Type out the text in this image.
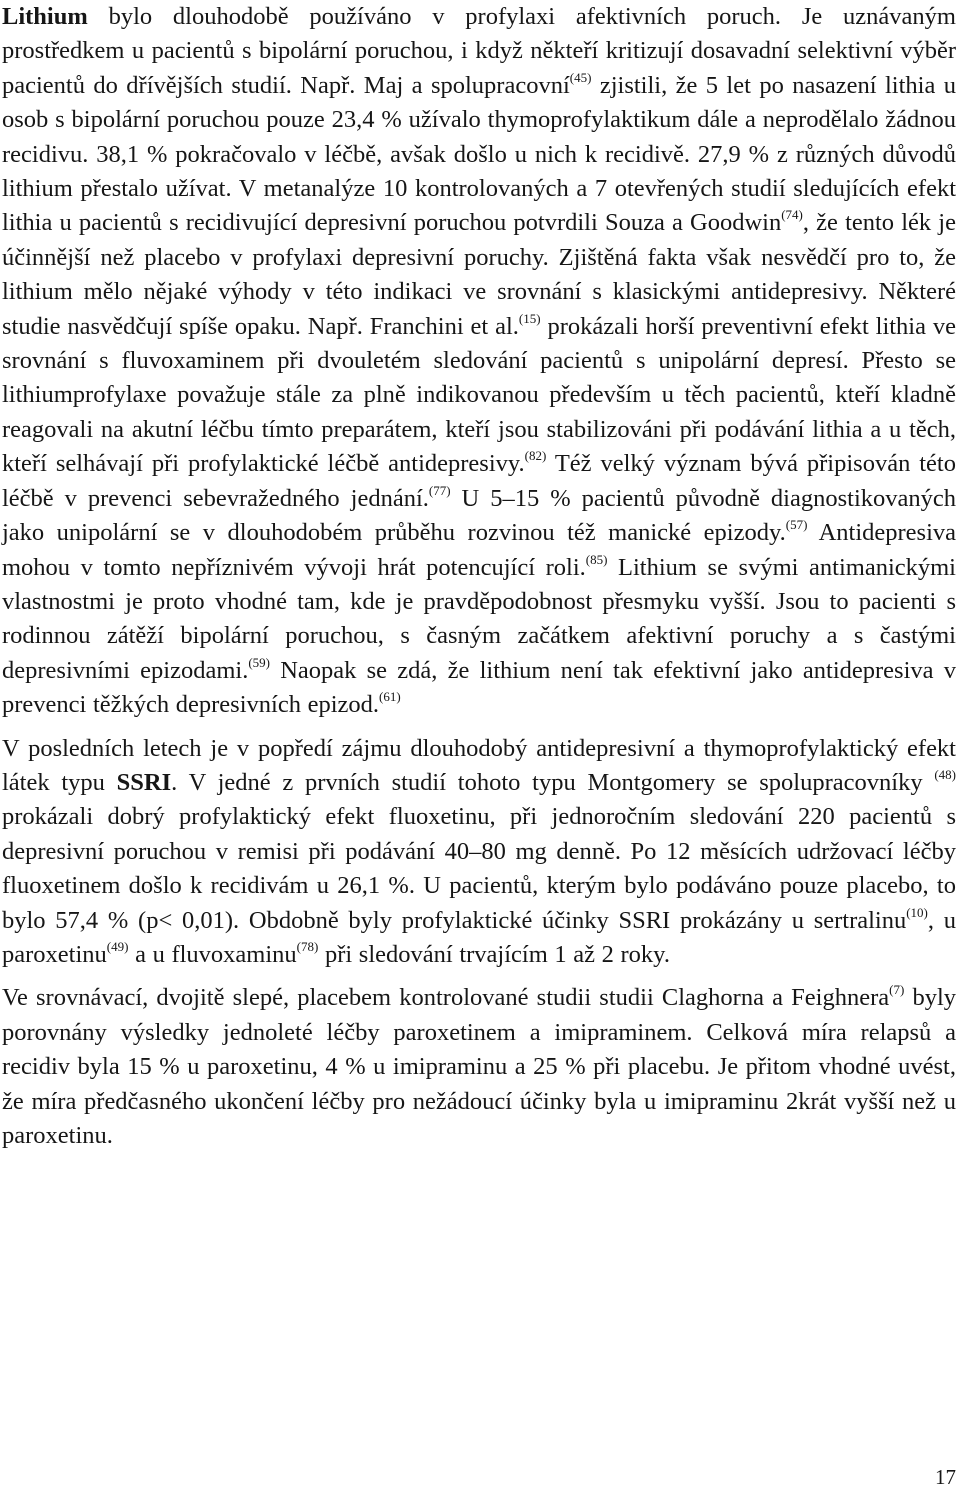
Lithium bylo dlouhodobě používáno v profylaxi afektivních poruch. Je uznávaným prostředkem u pacientů s bipolární poruchou, i když někteří kritizují dosavadní selektivní výběr pacientů do dřívějších studií. Např. Maj a spolupracovní$^{(45)}$ zjistili, že 5 let po nasazení lithia u osob s bipolární poruchou pouze 23,4 % užívalo thymoprofylaktikum dále a neprodělalo žádnou recidivu. 38,1 % pokračovalo v léčbě, avšak došlo u nich k recidivě. 27,9 % z různých důvodů lithium přestalo užívat. V metanalýze 10 kontrolovaných a 7 otevřených studií sledujících efekt lithia u pacientů s recidivující depresivní poruchou potvrdili Souza a Goodwin$^{(74)}$, že tento lék je účinnější než placebo v profylaxi depresivní poruchy. Zjištěná fakta však nesvědčí pro to, že lithium mělo nějaké výhody v této indikaci ve srovnání s klasickými antidepresivy. Některé studie nasvědčují spíše opaku. Např. Franchini et al.$^{(15)}$ prokázali horší preventivní efekt lithia ve srovnání s fluvoxaminem při dvouletém sledování pacientů s unipolární depresí. Přesto se lithiumprofylaxe považuje stále za plně indikovanou především u těch pacientů, kteří kladně reagovali na akutní léčbu tímto preparátem, kteří jsou stabilizováni při podávání lithia a u těch, kteří selhávají při profylaktické léčbě antidepresivy.$^{(82)}$ Též velký význam bývá připisován této léčbě v prevenci sebevražedného jednání.$^{(77)}$ U 5–15 % pacientů původně diagnostikovaných jako unipolární se v dlouhodobém průběhu rozvinou též manické epizody.$^{(57)}$ Antidepresiva mohou v tomto nepříznivém vývoji hrát potencující roli.$^{(85)}$ Lithium se svými antimanickými vlastnostmi je proto vhodné tam, kde je pravděpodobnost přesmyku vyšší. Jsou to pacienti s rodinnou zátěží bipolární poruchou, s časným začátkem afektivní poruchy a s častými depresivními epizodami.$^{(59)}$ Naopak se zdá, že lithium není tak efektivní jako antidepresiva v prevenci těžkých depresivních epizod.$^{(61)}$

V posledních letech je v popředí zájmu dlouhodobý antidepresivní a thymoprofylaktický efekt látek typu SSRI. V jedné z prvních studií tohoto typu Montgomery se spolupracovníky $^{(48)}$ prokázali dobrý profylaktický efekt fluoxetinu, při jednoročním sledování 220 pacientů s depresivní poruchou v remisi při podávání 40–80 mg denně. Po 12 měsících udržovací léčby fluoxetinem došlo k recidivám u 26,1 %. U pacientů, kterým bylo podáváno pouze placebo, to bylo 57,4 % (p< 0,01). Obdobně byly profylaktické účinky SSRI prokázány u sertralinu$^{(10)}$, u paroxetinu$^{(49)}$ a u fluvoxaminu$^{(78)}$ při sledování trvajícím 1 až 2 roky.

Ve srovnávací, dvojitě slepé, placebem kontrolované studii studii Claghorna a Feighnera$^{(7)}$ byly porovnány výsledky jednoleté léčby paroxetinem a imipraminem. Celková míra relapsů a recidiv byla 15 % u paroxetinu, 4 % u imipraminu a 25 % při placebu. Je přitom vhodné uvést, že míra předčasného ukončení léčby pro nežádoucí účinky byla u imipraminu 2krát vyšší než u paroxetinu.

17
